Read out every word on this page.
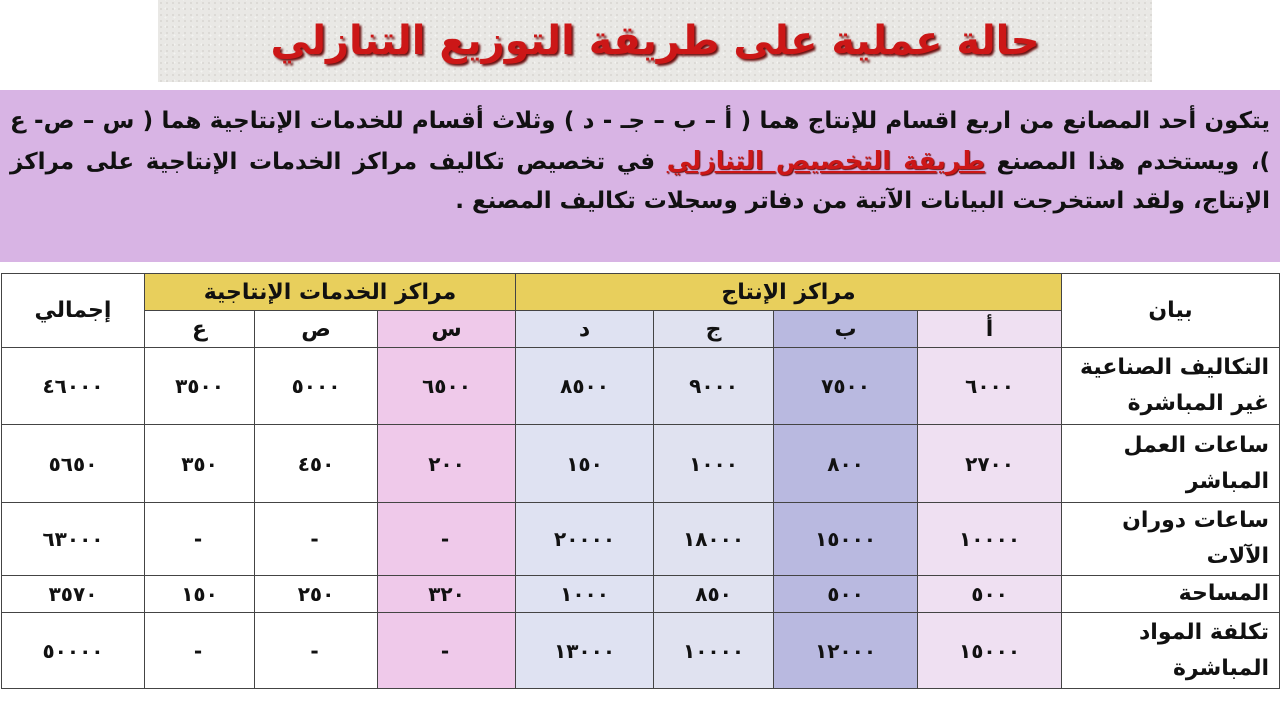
حالة عملية على طريقة التوزيع التنازلي
يتكون أحد المصانع من اربع اقسام للإنتاج هما ( أ – ب – جـ - د ) وثلاث أقسام للخدمات الإنتاجية هما ( س – ص- ع )، ويستخدم هذا المصنع طريقة التخصيص التنازلي في تخصيص تكاليف مراكز الخدمات الإنتاجية على مراكز الإنتاج، ولقد استخرجت البيانات الآتية من دفاتر وسجلات تكاليف المصنع .
بيان	مراكز الإنتاج				مراكز الخدمات الإنتاجية			إجمالي
	أ	ب	ج	د	س	ص	ع	
التكاليف الصناعية غير المباشرة	٦٠٠٠	٧٥٠٠	٩٠٠٠	٨٥٠٠	٦٥٠٠	٥٠٠٠	٣٥٠٠	٤٦٠٠٠
ساعات العمل المباشر	٢٧٠٠	٨٠٠	١٠٠٠	١٥٠	٢٠٠	٤٥٠	٣٥٠	٥٦٥٠
ساعات دوران الآلات	١٠٠٠٠	١٥٠٠٠	١٨٠٠٠	٢٠٠٠٠	-	-	-	٦٣٠٠٠
المساحة	٥٠٠	٥٠٠	٨٥٠	١٠٠٠	٣٢٠	٢٥٠	١٥٠	٣٥٧٠
تكلفة المواد المباشرة	١٥٠٠٠	١٢٠٠٠	١٠٠٠٠	١٣٠٠٠	-	-	-	٥٠٠٠٠
